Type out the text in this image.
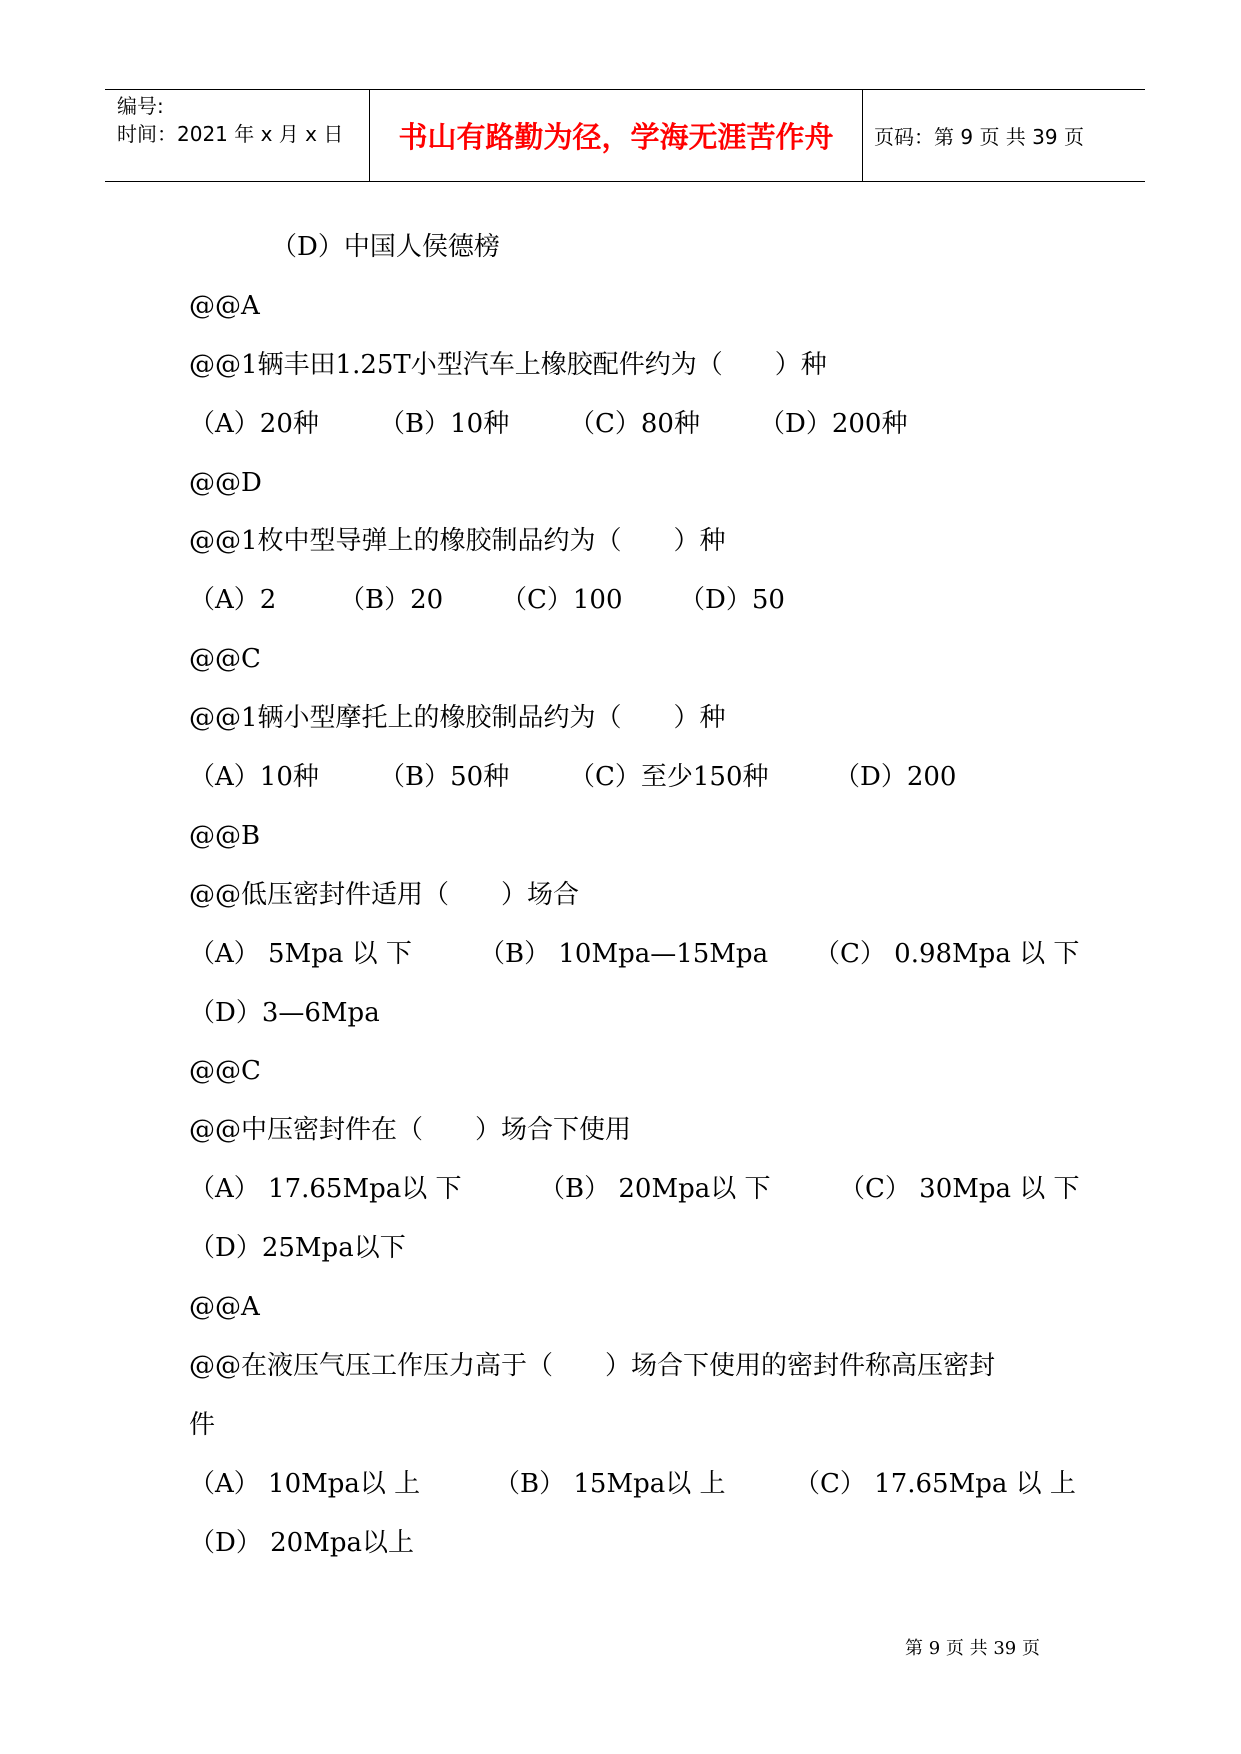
编号:
时间：2021 年 x 月 x 日	书山有路勤为径，学海无涯苦作舟	页码：第 9 页 共 39 页
（D）中国人侯德榜
@@A
@@1辆丰田1.25T小型汽车上橡胶配件约为（　　）种
（A）20种 （B）10种 （C）80种 （D）200种
@@D
@@1枚中型导弹上的橡胶制品约为（　　）种
（A）2 （B）20 （C）100 （D）50
@@C
@@1辆小型摩托上的橡胶制品约为（　　）种
（A）10种 （B）50种 （C）至少150种	（D）200
@@B
@@低压密封件适用（　　）场合
（A） 5Mpa 以 下	（B） 10Mpa—15Mpa （C） 0.98Mpa 以 下
（D）3—6Mpa
@@C
@@中压密封件在（　　）场合下使用
（A） 17.65Mpa以 下	（B） 20Mpa以 下	（C） 30Mpa 以 下
（D）25Mpa以下
@@A
@@在液压气压工作压力高于（　　）场合下使用的密封件称高压密封
件
（A） 10Mpa以 上	（B） 15Mpa以 上	（C） 17.65Mpa 以 上
（D） 20Mpa以上
第 9 页 共 39 页
